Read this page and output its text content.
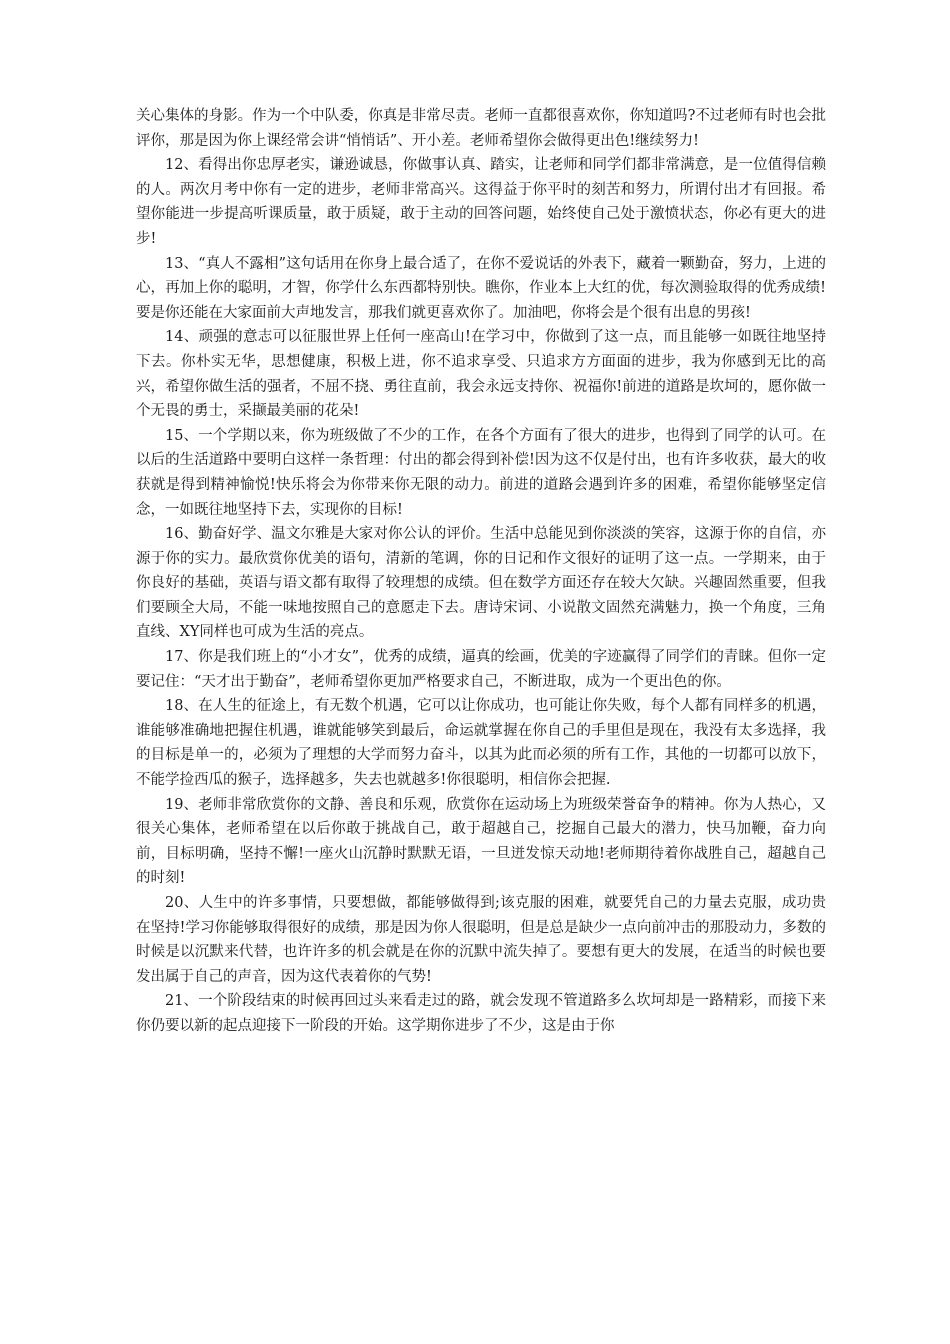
关心集体的身影。作为一个中队委，你真是非常尽责。老师一直都很喜欢你，你知道吗?不过老师有时也会批评你，那是因为你上课经常会讲“悄悄话”、开小差。老师希望你会做得更出色!继续努力!

12、看得出你忠厚老实，谦逊诚恳，你做事认真、踏实，让老师和同学们都非常满意，是一位值得信赖的人。两次月考中你有一定的进步，老师非常高兴。这得益于你平时的刻苦和努力，所谓付出才有回报。希望你能进一步提高听课质量，敢于质疑，敢于主动的回答问题，始终使自己处于激愤状态，你必有更大的进步!

13、“真人不露相”这句话用在你身上最合适了，在你不爱说话的外表下，藏着一颗勤奋，努力，上进的心，再加上你的聪明，才智，你学什么东西都特别快。瞧你，作业本上大红的优，每次测验取得的优秀成绩!要是你还能在大家面前大声地发言，那我们就更喜欢你了。加油吧，你将会是个很有出息的男孩!

14、顽强的意志可以征服世界上任何一座高山!在学习中，你做到了这一点，而且能够一如既往地坚持下去。你朴实无华，思想健康，积极上进，你不追求享受、只追求方方面面的进步，我为你感到无比的高兴，希望你做生活的强者，不屈不挠、勇往直前，我会永远支持你、祝福你!前进的道路是坎坷的，愿你做一个无畏的勇士，采撷最美丽的花朵!

15、一个学期以来，你为班级做了不少的工作，在各个方面有了很大的进步，也得到了同学的认可。在以后的生活道路中要明白这样一条哲理：付出的都会得到补偿!因为这不仅是付出，也有许多收获，最大的收获就是得到精神愉悦!快乐将会为你带来你无限的动力。前进的道路会遇到许多的困难，希望你能够坚定信念，一如既往地坚持下去，实现你的目标!

16、勤奋好学、温文尔雅是大家对你公认的评价。生活中总能见到你淡淡的笑容，这源于你的自信，亦源于你的实力。最欣赏你优美的语句，清新的笔调，你的日记和作文很好的证明了这一点。一学期来，由于你良好的基础，英语与语文都有取得了较理想的成绩。但在数学方面还存在较大欠缺。兴趣固然重要，但我们要顾全大局，不能一味地按照自己的意愿走下去。唐诗宋词、小说散文固然充满魅力，换一个角度，三角直线、XY同样也可成为生活的亮点。

17、你是我们班上的“小才女”，优秀的成绩，逼真的绘画，优美的字迹赢得了同学们的青睐。但你一定要记住：“天才出于勤奋”，老师希望你更加严格要求自己，不断进取，成为一个更出色的你。

18、在人生的征途上，有无数个机遇，它可以让你成功，也可能让你失败，每个人都有同样多的机遇，谁能够准确地把握住机遇，谁就能够笑到最后，命运就掌握在你自己的手里但是现在，我没有太多选择，我的目标是单一的，必须为了理想的大学而努力奋斗，以其为此而必须的所有工作，其他的一切都可以放下，不能学捡西瓜的猴子，选择越多，失去也就越多!你很聪明，相信你会把握.

19、老师非常欣赏你的文静、善良和乐观，欣赏你在运动场上为班级荣誉奋争的精神。你为人热心，又很关心集体，老师希望在以后你敢于挑战自己，敢于超越自己，挖掘自己最大的潜力，快马加鞭，奋力向前，目标明确，坚持不懈!一座火山沉静时默默无语，一旦迸发惊天动地!老师期待着你战胜自己，超越自己的时刻!

20、人生中的许多事情，只要想做，都能够做得到;该克服的困难，就要凭自己的力量去克服，成功贵在坚持!学习你能够取得很好的成绩，那是因为你人很聪明，但是总是缺少一点向前冲击的那股动力，多数的时候是以沉默来代替，也许许多的机会就是在你的沉默中流失掉了。要想有更大的发展，在适当的时候也要发出属于自己的声音，因为这代表着你的气势!

21、一个阶段结束的时候再回过头来看走过的路，就会发现不管道路多么坎坷却是一路精彩，而接下来你仍要以新的起点迎接下一阶段的开始。这学期你进步了不少，这是由于你
